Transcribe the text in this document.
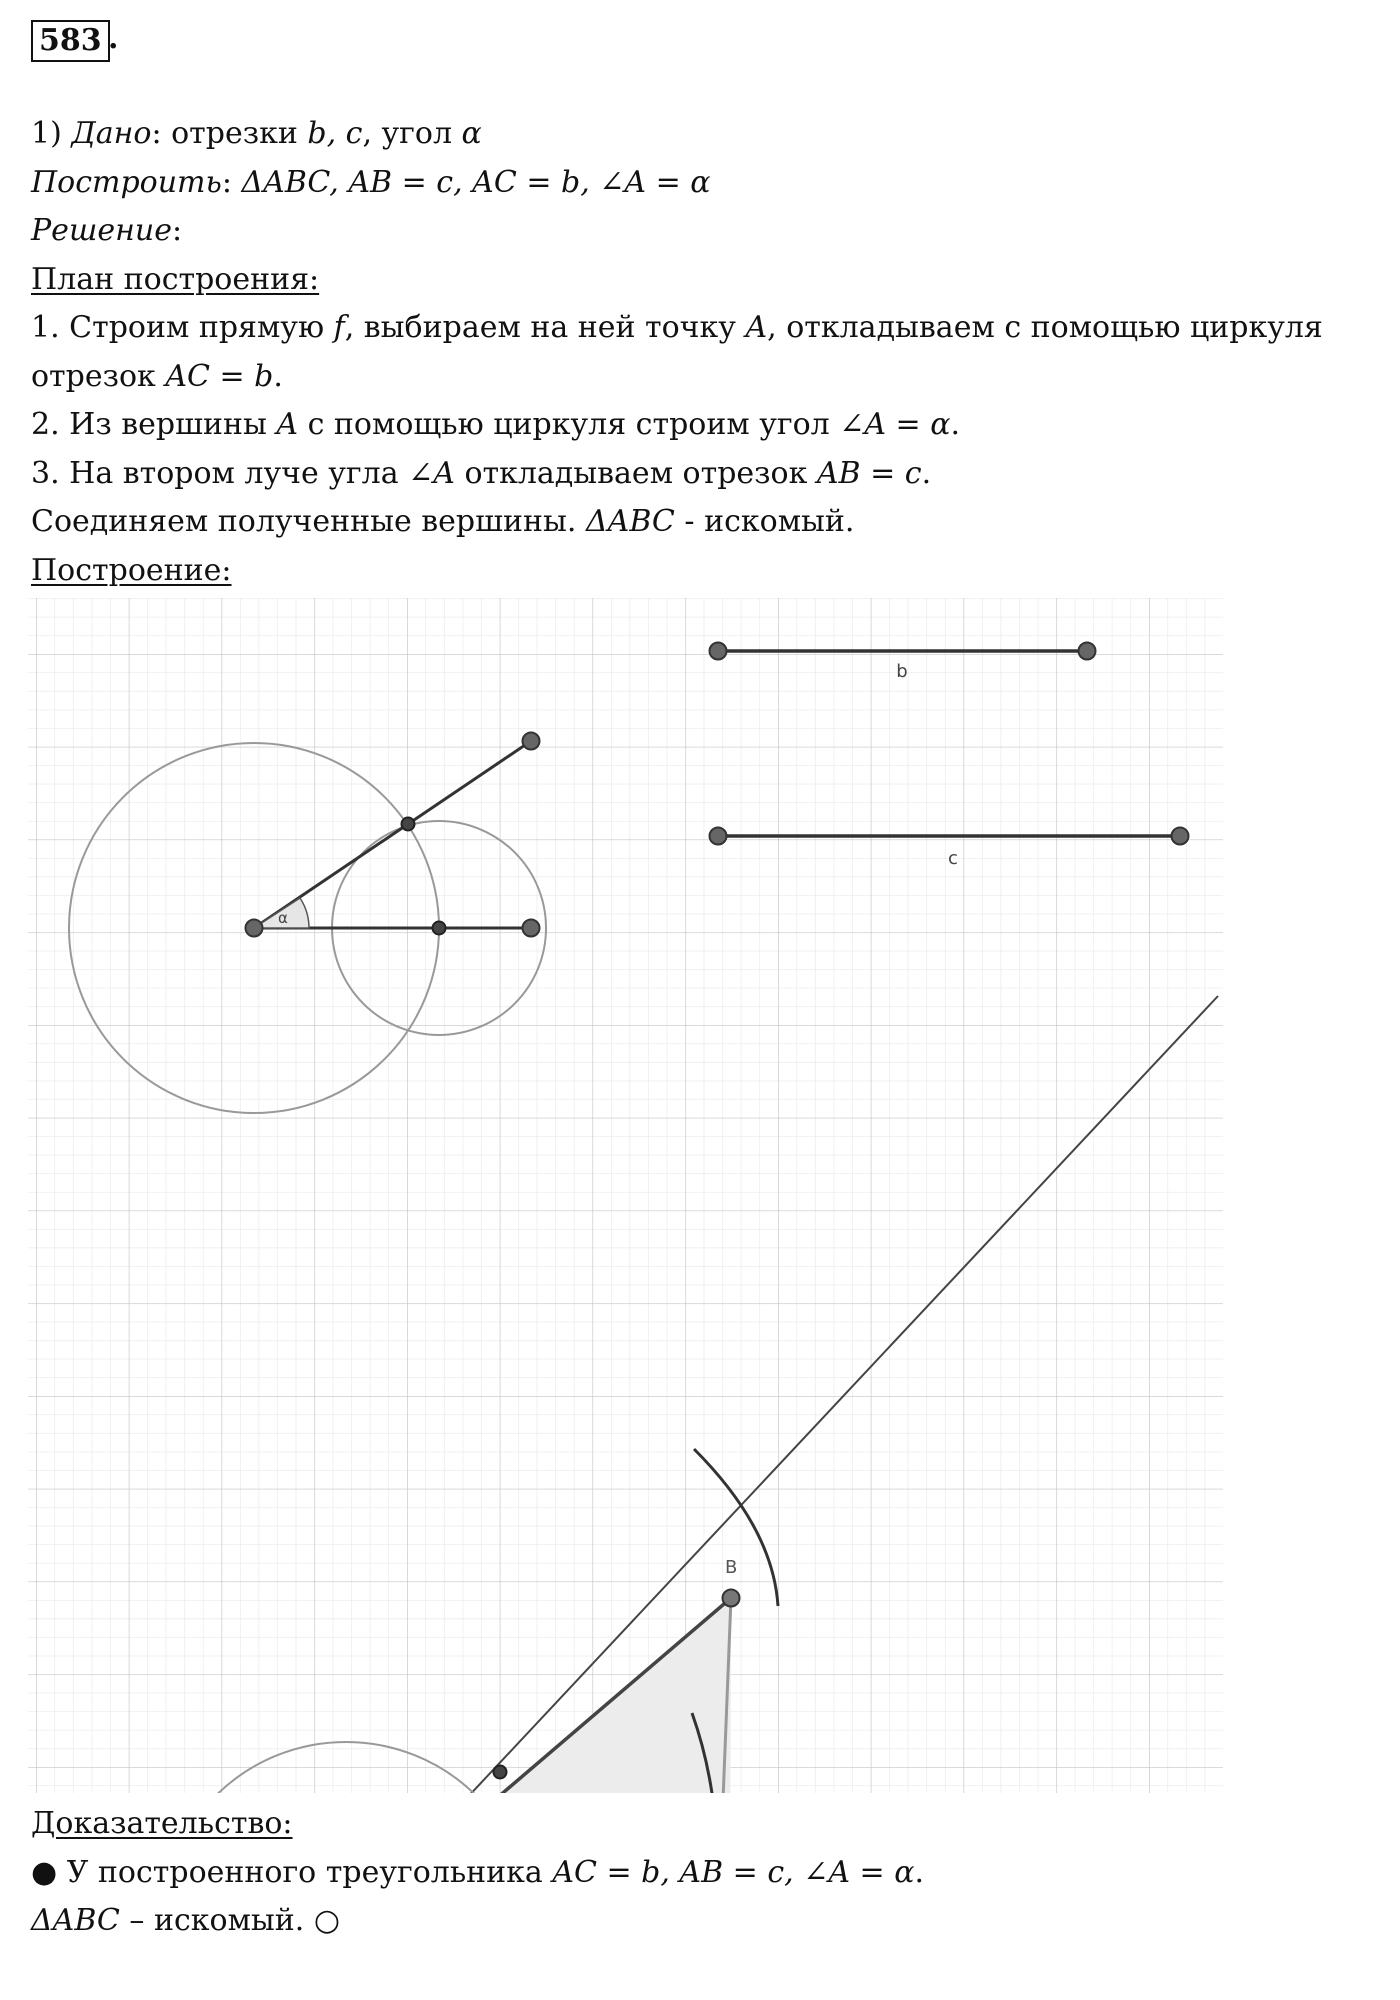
583 .
1) Дано: отрезки b, c, угол α
Построить: ΔABC, AB = c, AC = b, ∠A = α
Решение:
План построения:
1. Строим прямую f, выбираем на ней точку A, откладываем с помощью циркуля
отрезок AC = b.
2. Из вершины A с помощью циркуля строим угол ∠A = α.
3. На втором луче угла ∠A откладываем отрезок AB = c.
Соединяем полученные вершины. ΔABC - искомый.
Построение:
b
c
α
B
Доказательство:
● У построенного треугольника AC = b, AB = c, ∠A = α.
ΔABC – искомый. ○
